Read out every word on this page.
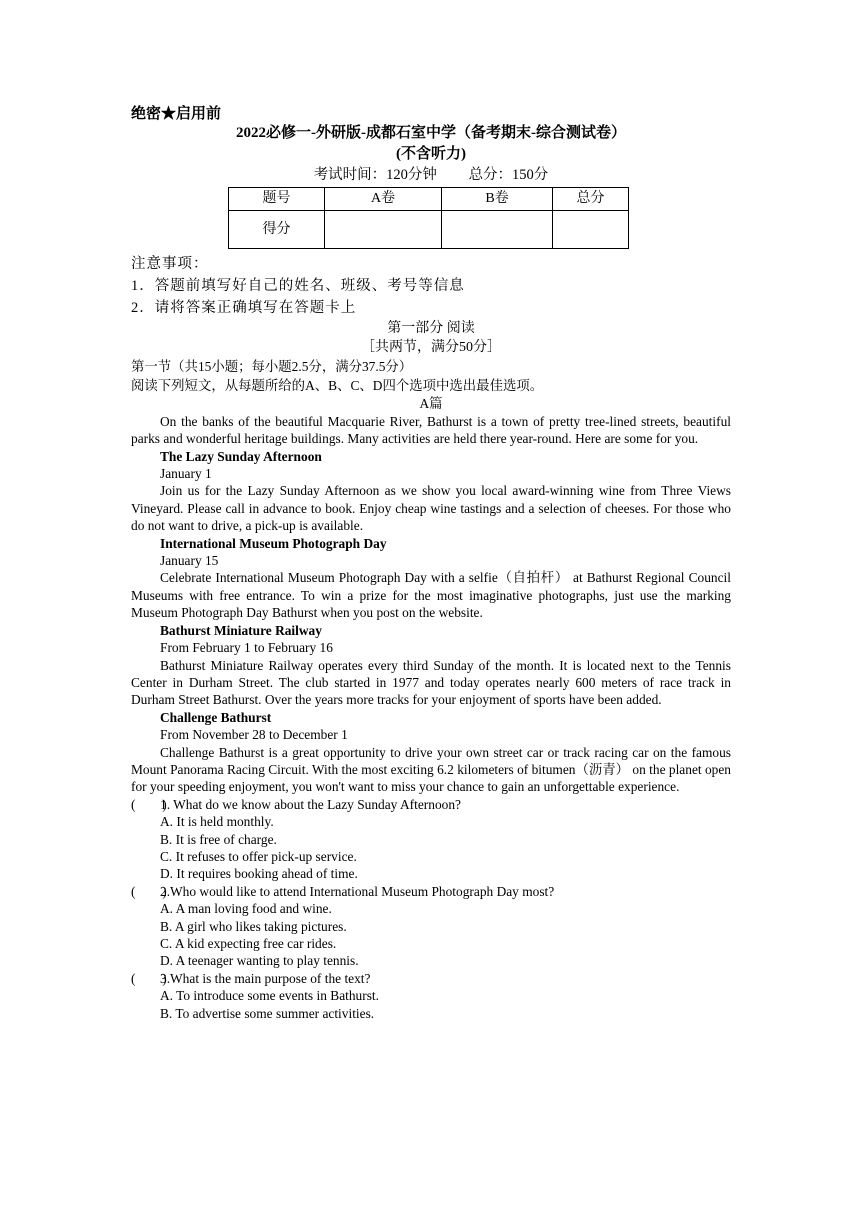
绝密★启用前

2022必修一-外研版-成都石室中学（备考期末-综合测试卷）

(不含听力)

考试时间：120分钟 总分：150分

题号	A卷	B卷	总分
得分			

注意事项：

1．答题前填写好自己的姓名、班级、考号等信息

2．请将答案正确填写在答题卡上

第一部分 阅读

［共两节，满分50分］

第一节（共15小题；每小题2.5分，满分37.5分）

阅读下列短文，从每题所给的A、B、C、D四个选项中选出最佳选项。

A篇

On the banks of the beautiful Macquarie River, Bathurst is a town of pretty tree-lined streets, beautiful parks and wonderful heritage buildings. Many activities are held there year-round. Here are some for you.

The Lazy Sunday Afternoon

January 1

Join us for the Lazy Sunday Afternoon as we show you local award-winning wine from Three Views Vineyard. Please call in advance to book. Enjoy cheap wine tastings and a selection of cheeses. For those who do not want to drive, a pick-up is available.

International Museum Photograph Day

January 15

Celebrate International Museum Photograph Day with a selfie（自拍杆） at Bathurst Regional Council Museums with free entrance. To win a prize for the most imaginative photographs, just use the marking Museum Photograph Day Bathurst when you post on the website.

Bathurst Miniature Railway

From February 1 to February 16

Bathurst Miniature Railway operates every third Sunday of the month. It is located next to the Tennis Center in Durham Street. The club started in 1977 and today operates nearly 600 meters of race track in Durham Street Bathurst. Over the years more tracks for your enjoyment of sports have been added.

Challenge Bathurst

From November 28 to December 1

Challenge Bathurst is a great opportunity to drive your own street car or track racing car on the famous Mount Panorama Racing Circuit. With the most exciting 6.2 kilometers of bitumen（沥青） on the planet open for your speeding enjoyment, you won't want to miss your chance to gain an unforgettable experience.

(　　)

1. What do we know about the Lazy Sunday Afternoon?

A. It is held monthly.

B. It is free of charge.

C. It refuses to offer pick-up service.

D. It requires booking ahead of time.

(　　)

2.Who would like to attend International Museum Photograph Day most?

A. A man loving food and wine.

B. A girl who likes taking pictures.

C. A kid expecting free car rides.

D. A teenager wanting to play tennis.

(　　)

3.What is the main purpose of the text?

A. To introduce some events in Bathurst.

B. To advertise some summer activities.
